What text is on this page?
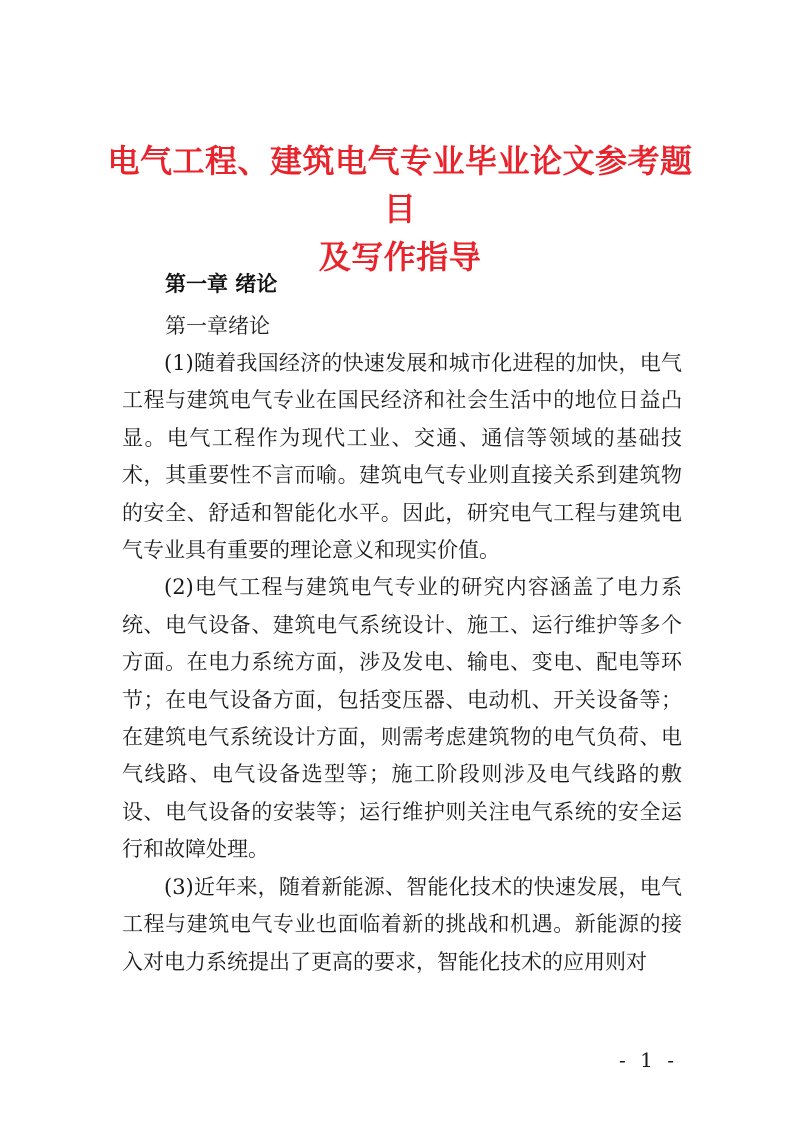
电气工程、建筑电气专业毕业论文参考题目
及写作指导
第一章 绪论
第一章绪论

(1)随着我国经济的快速发展和城市化进程的加快，电气工程与建筑电气专业在国民经济和社会生活中的地位日益凸显。电气工程作为现代工业、交通、通信等领域的基础技术，其重要性不言而喻。建筑电气专业则直接关系到建筑物的安全、舒适和智能化水平。因此，研究电气工程与建筑电气专业具有重要的理论意义和现实价值。

(2)电气工程与建筑电气专业的研究内容涵盖了电力系统、电气设备、建筑电气系统设计、施工、运行维护等多个方面。在电力系统方面，涉及发电、输电、变电、配电等环节；在电气设备方面，包括变压器、电动机、开关设备等；在建筑电气系统设计方面，则需考虑建筑物的电气负荷、电气线路、电气设备选型等；施工阶段则涉及电气线路的敷设、电气设备的安装等；运行维护则关注电气系统的安全运行和故障处理。

(3)近年来，随着新能源、智能化技术的快速发展，电气工程与建筑电气专业也面临着新的挑战和机遇。新能源的接入对电力系统提出了更高的要求，智能化技术的应用则对

- 1 -
